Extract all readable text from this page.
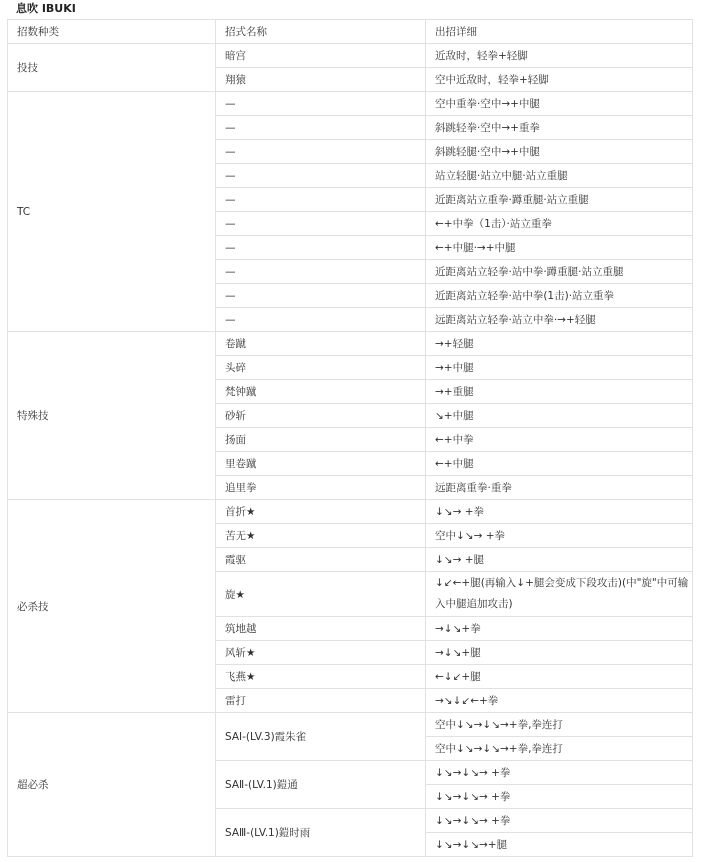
息吹 IBUKI
招数种类	招式名称	出招详细
投技	暗宫	近敌时，轻拳+轻脚
	翔猿	空中近敌时，轻拳+轻脚
TC	—	空中重拳·空中→+中腿
	—	斜跳轻拳·空中→+重拳
	—	斜跳轻腿·空中→+中腿
	—	站立轻腿·站立中腿·站立重腿
	—	近距离站立重拳·蹲重腿·站立重腿
	—	←+中拳（1击）·站立重拳
	—	←+中腿·→+中腿
	—	近距离站立轻拳·站中拳·蹲重腿·站立重腿
	—	近距离站立轻拳·站中拳(1击)·站立重拳
	—	远距离站立轻拳·站立中拳·→+轻腿
特殊技	卷蹴	→+轻腿
	头碎	→+中腿
	梵钟蹴	→+重腿
	砂斩	↘+中腿
	扬面	←+中拳
	里卷蹴	←+中腿
	追里拳	远距离重拳·重拳
必杀技	首折★	↓↘→ +拳
	苦无★	空中↓↘→ +拳
	霞驱	↓↘→ +腿
	旋★	↓↙←+腿(再输入↓+腿会变成下段攻击)(中"旋"中可输入中腿追加攻击)
	筑地越	→↓↘+拳
	风斩★	→↓↘+腿
	飞燕★	←↓↙+腿
	雷打	→↘↓↙←+拳
超必杀	SAⅠ-(LV.3)霞朱雀	空中↓↘→↓↘→+拳,拳连打
		空中↓↘→↓↘→+拳,拳连打
	SAⅡ-(LV.1)鎧通	↓↘→↓↘→ +拳
		↓↘→↓↘→ +拳
	SAⅢ-(LV.1)鎧时雨	↓↘→↓↘→ +拳
		↓↘→↓↘→+腿
